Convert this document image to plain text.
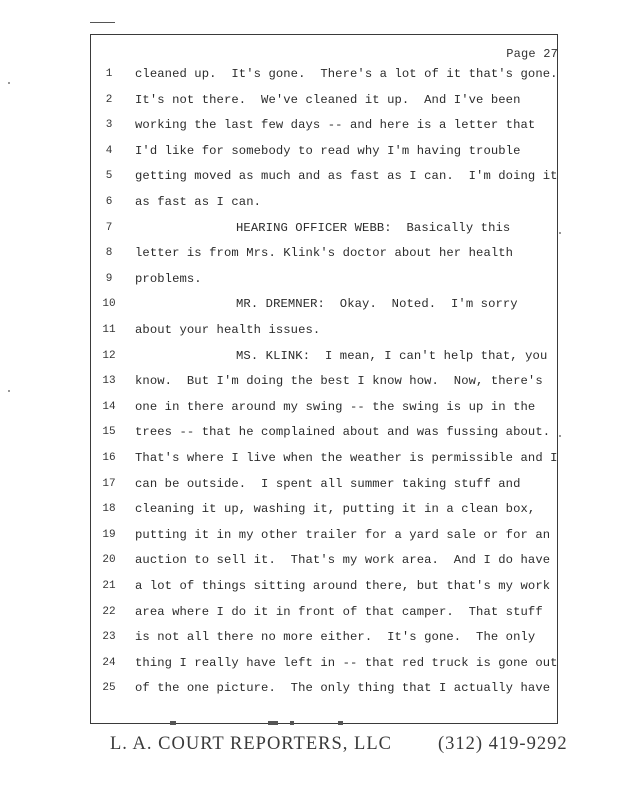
Page 27
1	cleaned up.  It's gone.  There's a lot of it that's gone.
2	It's not there.  We've cleaned it up.  And I've been
3	working the last few days -- and here is a letter that
4	I'd like for somebody to read why I'm having trouble
5	getting moved as much and as fast as I can.  I'm doing it
6	as fast as I can.
7	HEARING OFFICER WEBB:  Basically this
8	letter is from Mrs. Klink's doctor about her health
9	problems.
10	MR. DREMNER:  Okay.  Noted.  I'm sorry
11 about your health issues.
12	MS. KLINK:  I mean, I can't help that, you
13 know.  But I'm doing the best I know how.  Now, there's
14 one in there around my swing -- the swing is up in the
15 trees -- that he complained about and was fussing about.
16 That's where I live when the weather is permissible and I
17 can be outside.  I spent all summer taking stuff and
18 cleaning it up, washing it, putting it in a clean box,
19 putting it in my other trailer for a yard sale or for an
20 auction to sell it.  That's my work area.  And I do have
21 a lot of things sitting around there, but that's my work
22 area where I do it in front of that camper.  That stuff
23 is not all there no more either.  It's gone.  The only
24 thing I really have left in -- that red truck is gone out
25 of the one picture.  The only thing that I actually have
L. A. COURT REPORTERS, LLC (312) 419-9292
